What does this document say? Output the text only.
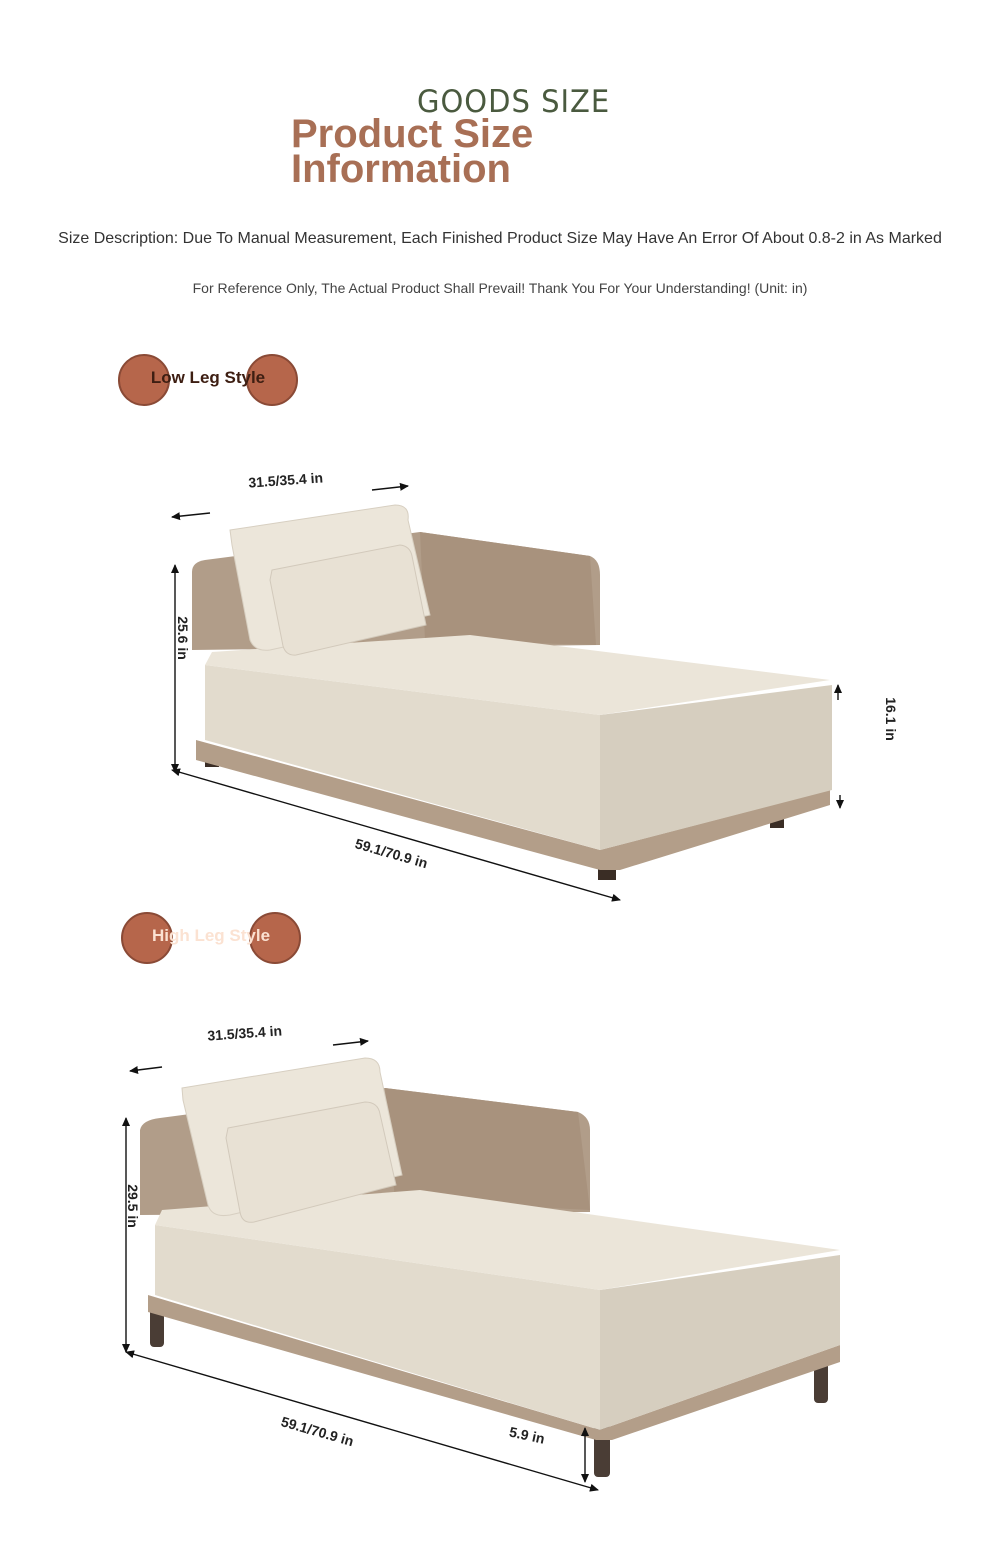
GOODS SIZE
Product Size
Information
Size Description: Due To Manual Measurement, Each Finished Product Size May Have An Error Of About 0.8-2 in As Marked
For Reference Only, The Actual Product Shall Prevail! Thank You For Your Understanding! (Unit: in)
Low Leg Style
High Leg Style
31.5/35.4 in
25.6 in
59.1/70.9 in
16.1 in
31.5/35.4 in
29.5 in
59.1/70.9 in	5.9 in
